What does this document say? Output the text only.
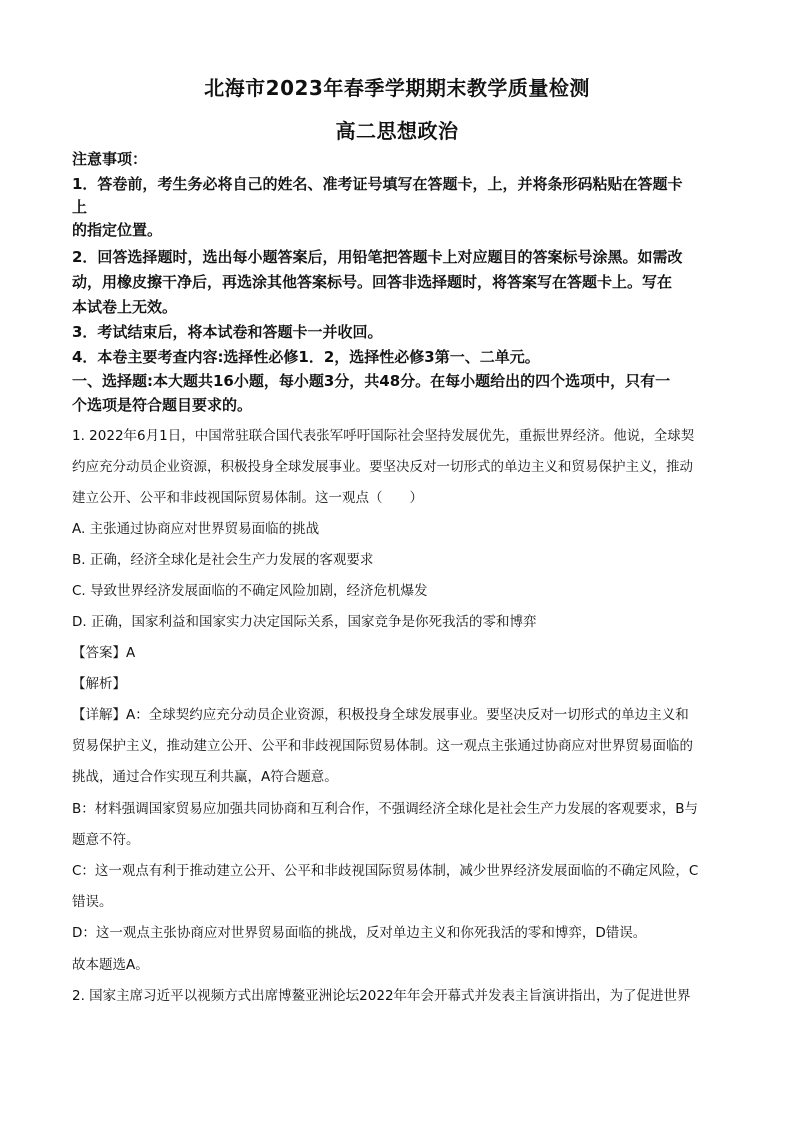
北海市2023年春季学期期末教学质量检测
高二思想政治
注意事项：
1．答卷前，考生务必将自己的姓名、准考证号填写在答题卡，上，并将条形码粘贴在答题卡
上
的指定位置。
2．回答选择题时，选出每小题答案后，用铅笔把答题卡上对应题目的答案标号涂黑。如需改
动，用橡皮擦干净后，再选涂其他答案标号。回答非选择题时，将答案写在答题卡上。写在
本试卷上无效。
3．考试结束后，将本试卷和答题卡一并收回。
4．本卷主要考查内容:选择性必修1．2，选择性必修3第一、二单元。
一、选择题:本大题共16小题，每小题3分，共48分。在每小题给出的四个选项中，只有一
个选项是符合题目要求的。
1. 2022年6月1日，中国常驻联合国代表张军呼吁国际社会坚持发展优先，重振世界经济。他说，全球契
约应充分动员企业资源，积极投身全球发展事业。要坚决反对一切形式的单边主义和贸易保护主义，推动
建立公开、公平和非歧视国际贸易体制。这一观点（　　）
A. 主张通过协商应对世界贸易面临的挑战
B. 正确，经济全球化是社会生产力发展的客观要求
C. 导致世界经济发展面临的不确定风险加剧，经济危机爆发
D. 正确，国家利益和国家实力决定国际关系，国家竞争是你死我活的零和博弈
【答案】A
【解析】
【详解】A：全球契约应充分动员企业资源，积极投身全球发展事业。要坚决反对一切形式的单边主义和
贸易保护主义，推动建立公开、公平和非歧视国际贸易体制。这一观点主张通过协商应对世界贸易面临的
挑战，通过合作实现互利共赢，A符合题意。
B：材料强调国家贸易应加强共同协商和互利合作，不强调经济全球化是社会生产力发展的客观要求，B与
题意不符。
C：这一观点有利于推动建立公开、公平和非歧视国际贸易体制，减少世界经济发展面临的不确定风险，C
错误。
D：这一观点主张协商应对世界贸易面临的挑战，反对单边主义和你死我活的零和博弈，D错误。
故本题选A。
2. 国家主席习近平以视频方式出席博鳌亚洲论坛2022年年会开幕式并发表主旨演讲指出，为了促进世界
